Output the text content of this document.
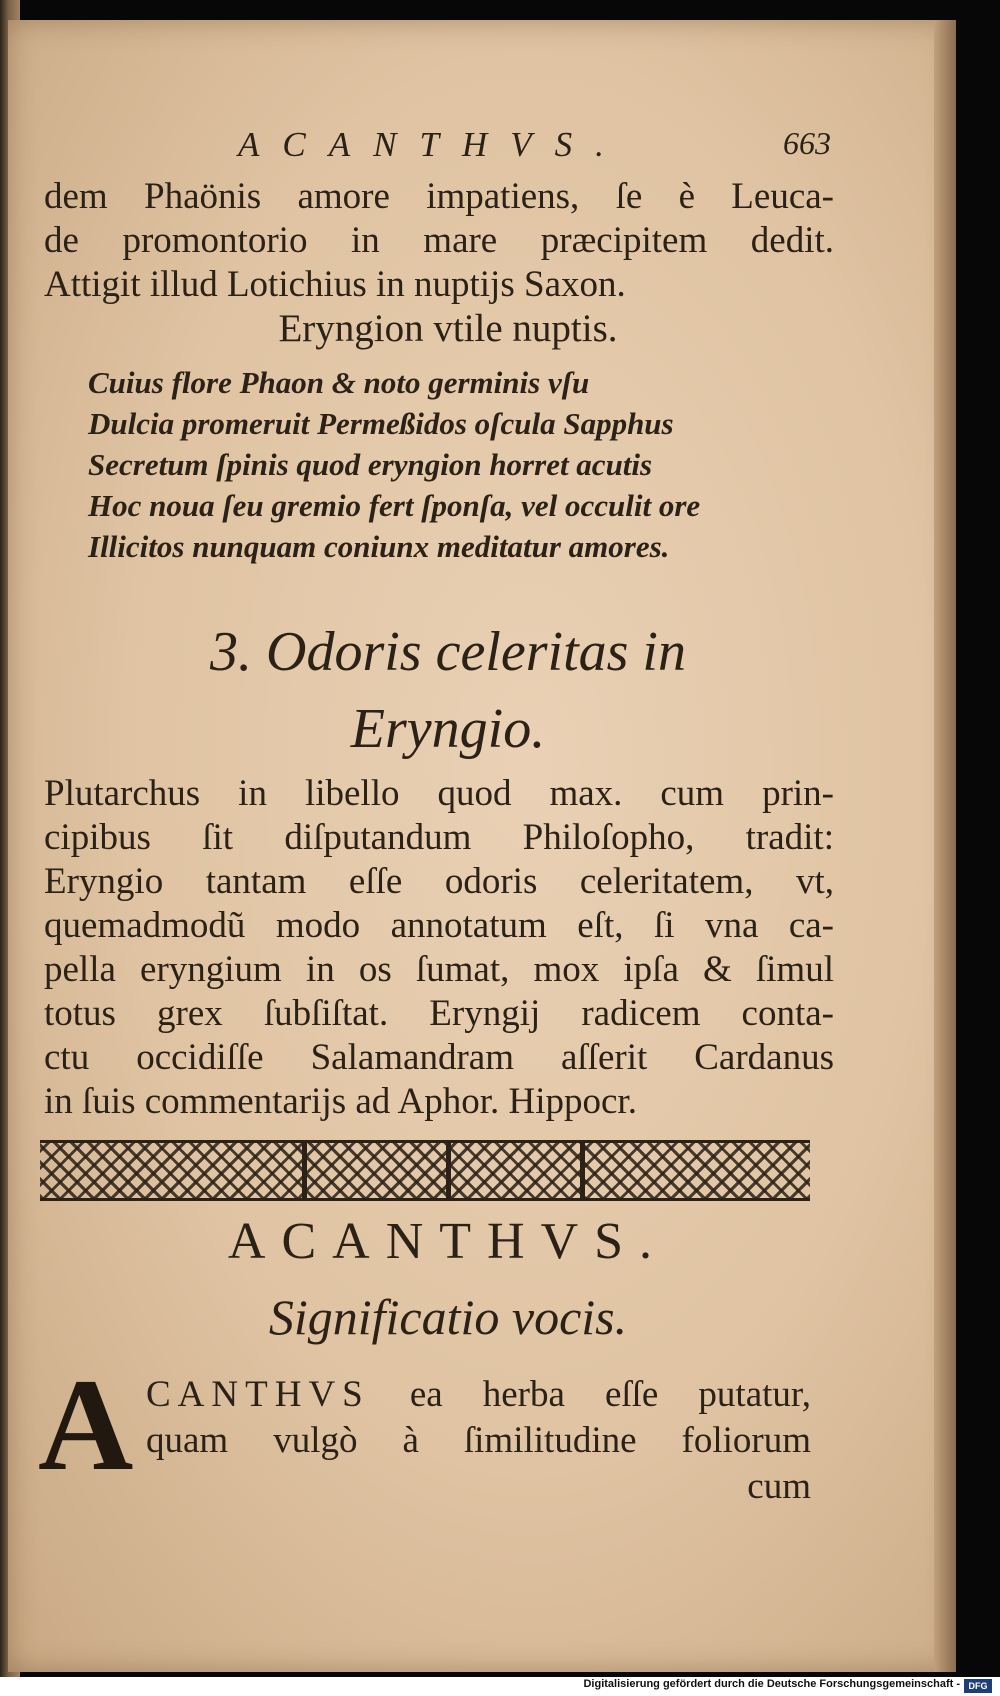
ACANTHVS.	663
dem Phaönis amore impatiens, ſe è Leuca-
de promontorio in mare præcipitem dedit.
Attigit illud Lotichius in nuptijs Saxon.
Eryngion vtile nuptis.
Cuius flore Phaon & noto germinis vſu
Dulcia promeruit Permeßidos oſcula Sapphus
Secretum ſpinis quod eryngion horret acutis
Hoc noua ſeu gremio fert ſponſa, vel occulit ore
Illicitos nunquam coniunx meditatur amores.
3. Odoris celeritas in
Eryngio.
Plutarchus in libello quod max. cum prin-
cipibus ſit diſputandum Philoſopho, tradit:
Eryngio tantam eſſe odoris celeritatem, vt,
quemadmodũ modo annotatum eſt, ſi vna ca-
pella eryngium in os ſumat, mox ipſa & ſimul
totus grex ſubſiſtat. Eryngij radicem conta-
ctu occidiſſe Salamandram aſſerit Cardanus
in ſuis commentarijs ad Aphor. Hippocr.
ACANTHVS.
Significatio vocis.
A CANTHVS ea herba eſſe putatur,
quam vulgò à ſimilitudine foliorum
cum
Digitalisierung gefördert durch die Deutsche Forschungsgemeinschaft - DFG
